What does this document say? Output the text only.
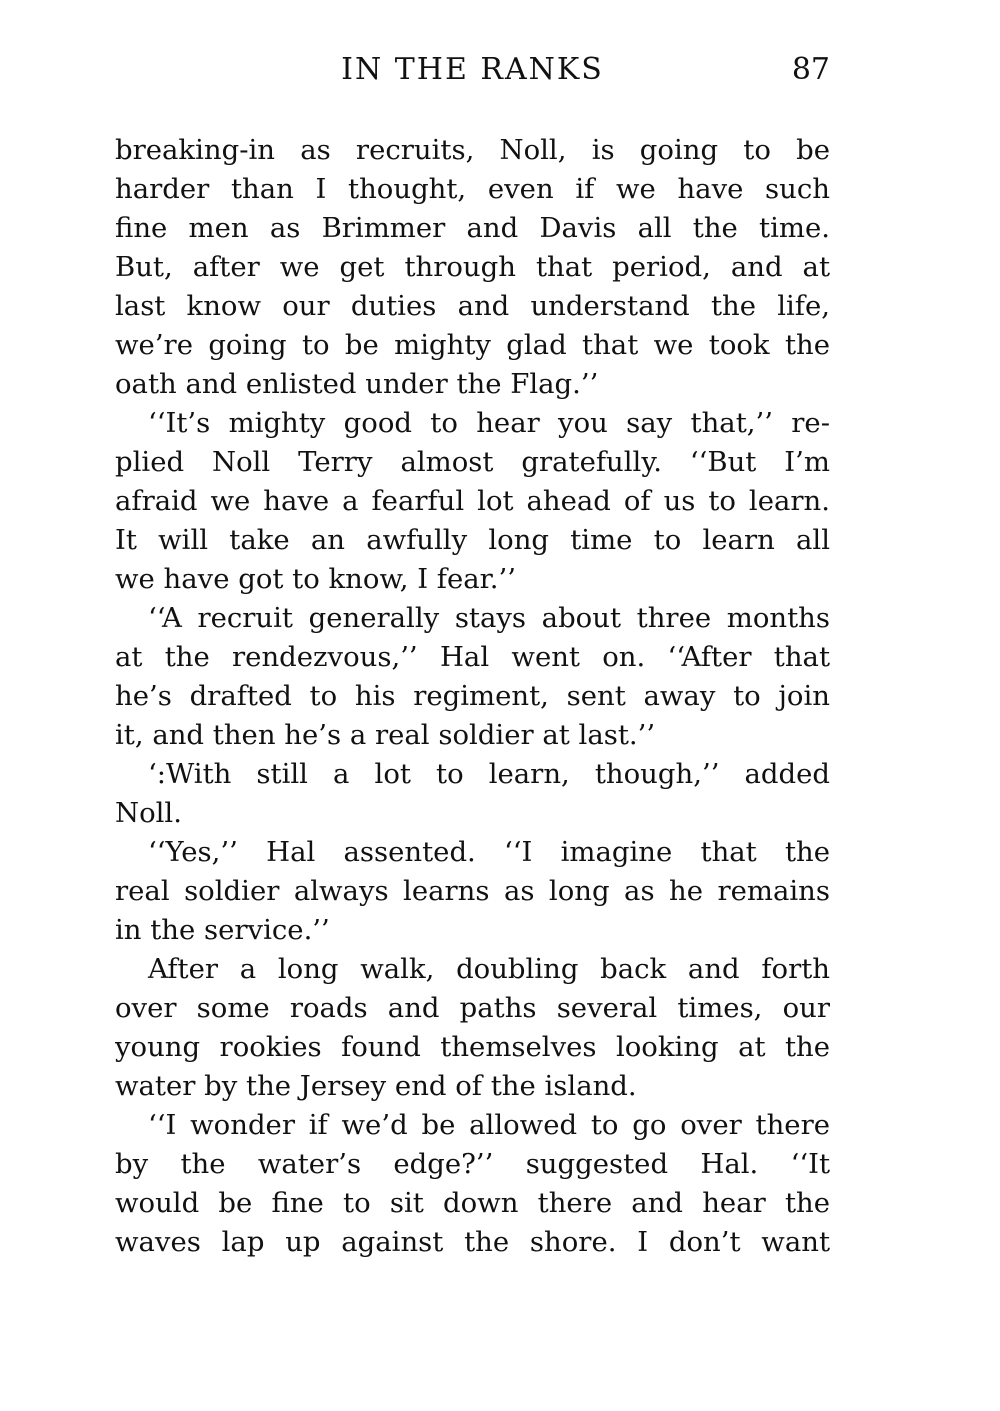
IN THE RANKS	87
breaking-in as recruits, Noll, is going to be
harder than I thought, even if we have such
fine men as Brimmer and Davis all the time.
But, after we get through that period, and at
last know our duties and understand the life,
we’re going to be mighty glad that we took the
oath and enlisted under the Flag.’’
‘‘It’s mighty good to hear you say that,’’ re-
plied Noll Terry almost gratefully. ‘‘But I’m
afraid we have a fearful lot ahead of us to learn.
It will take an awfully long time to learn all
we have got to know, I fear.’’
‘‘A recruit generally stays about three months
at the rendezvous,’’ Hal went on. ‘‘After that
he’s drafted to his regiment, sent away to join
it, and then he’s a real soldier at last.’’
‘:With still a lot to learn, though,’’ added
Noll.
‘‘Yes,’’ Hal assented. ‘‘I imagine that the
real soldier always learns as long as he remains
in the service.’’
After a long walk, doubling back and forth
over some roads and paths several times, our
young rookies found themselves looking at the
water by the Jersey end of the island.
‘‘I wonder if we’d be allowed to go over there
by the water’s edge?’’ suggested Hal. ‘‘It
would be fine to sit down there and hear the
waves lap up against the shore. I don’t want
